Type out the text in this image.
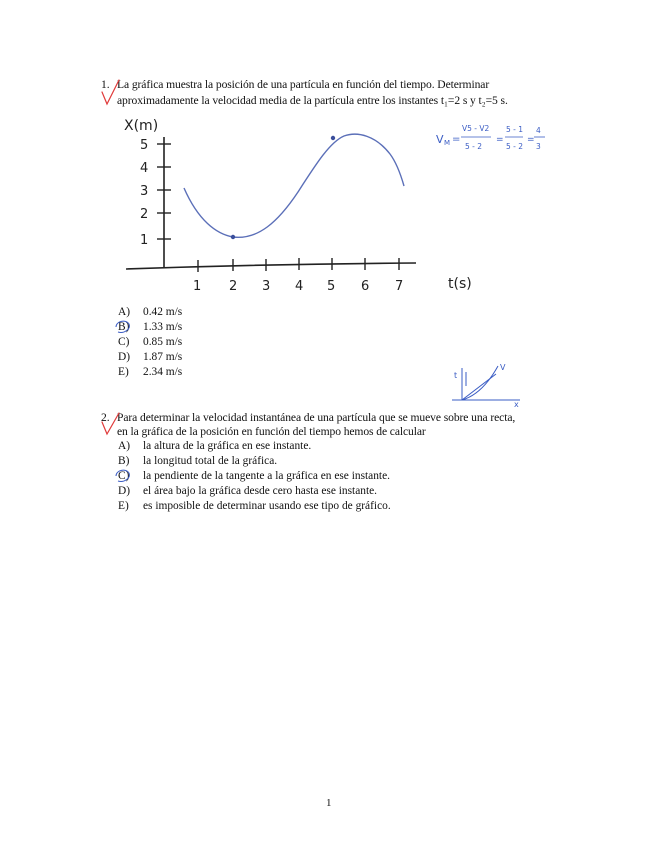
1. La gráfica muestra la posición de una partícula en función del tiempo. Determinar
aproximadamente la velocidad media de la partícula entre los instantes t₁=2 s y t₂=5 s.
X(m)
1
2
3
4
5
1 2 3 4 5 6 7	t(s)
V M =
V5 - V2
5 - 2
=
5 - 1
5 - 2
=
4
3
A) 0.42 m/s
B) 1.33 m/s
C) 0.85 m/s
D) 1.87 m/s
E) 2.34 m/s	t
V
x
2. Para determinar la velocidad instantánea de una partícula que se mueve sobre una recta,
en la gráfica de la posición en función del tiempo hemos de calcular
A) la altura de la gráfica en ese instante.
B) la longitud total de la gráfica.
C) la pendiente de la tangente a la gráfica en ese instante.
D) el área bajo la gráfica desde cero hasta ese instante.
E) es imposible de determinar usando ese tipo de gráfico.
1
